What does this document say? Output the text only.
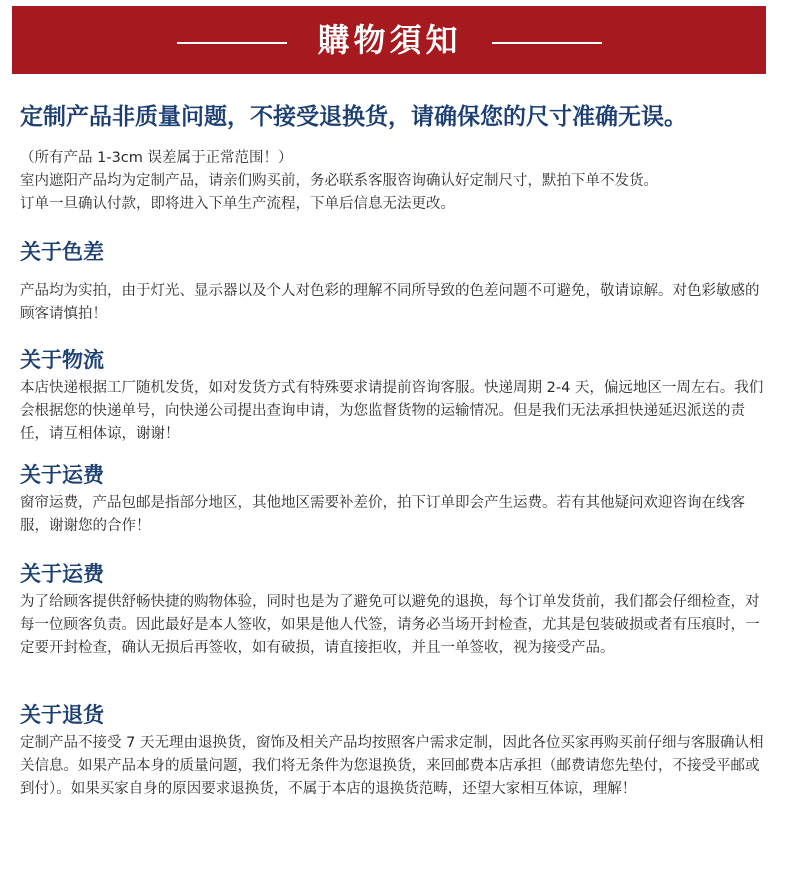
購物須知
定制产品非质量问题，不接受退换货，请确保您的尺寸准确无误。

（所有产品 1-3cm 误差属于正常范围！）

室内遮阳产品均为定制产品，请亲们购买前，务必联系客服咨询确认好定制尺寸，默拍下单不发货。

订单一旦确认付款，即将进入下单生产流程，下单后信息无法更改。

关于色差

产品均为实拍，由于灯光、显示器以及个人对色彩的理解不同所导致的色差问题不可避免，敬请谅解。对色彩敏感的顾客请慎拍！

关于物流

本店快递根据工厂随机发货，如对发货方式有特殊要求请提前咨询客服。快递周期 2-4 天，偏远地区一周左右。我们会根据您的快递单号，向快递公司提出查询申请，为您监督货物的运输情况。但是我们无法承担快递延迟派送的责任，请互相体谅，谢谢！

关于运费

窗帘运费，产品包邮是指部分地区，其他地区需要补差价，拍下订单即会产生运费。若有其他疑问欢迎咨询在线客服，谢谢您的合作！

关于运费

为了给顾客提供舒畅快捷的购物体验，同时也是为了避免可以避免的退换，每个订单发货前，我们都会仔细检查，对每一位顾客负责。因此最好是本人签收，如果是他人代签，请务必当场开封检查，尤其是包装破损或者有压痕时，一定要开封检查，确认无损后再签收，如有破损，请直接拒收，并且一单签收，视为接受产品。

关于退货

定制产品不接受 7 天无理由退换货，窗饰及相关产品均按照客户需求定制，因此各位买家再购买前仔细与客服确认相关信息。如果产品本身的质量问题，我们将无条件为您退换货，来回邮费本店承担（邮费请您先垫付，不接受平邮或到付）。如果买家自身的原因要求退换货，不属于本店的退换货范畴，还望大家相互体谅，理解！
